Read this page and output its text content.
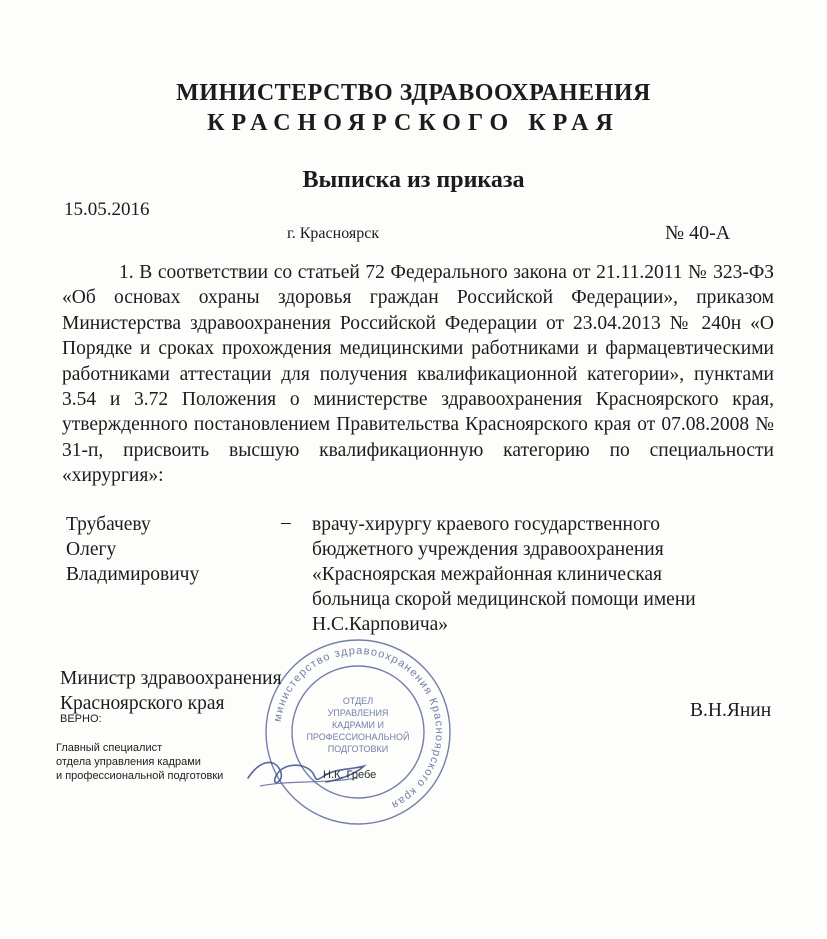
МИНИСТЕРСТВО ЗДРАВООХРАНЕНИЯ
КРАСНОЯРСКОГО КРАЯ
Выписка из приказа
15.05.2016
г. Красноярск	№ 40-А

1. В соответствии со статьей 72 Федерального закона от 21.11.2011 № 323-ФЗ «Об основах охраны здоровья граждан Российской Федерации», приказом Министерства здравоохранения Российской Федерации от 23.04.2013 № 240н «О Порядке и сроках прохождения медицинскими работниками и фармацевтическими работниками аттестации для получения квалификационной категории», пунктами 3.54 и 3.72 Положения о министерстве здравоохранения Красноярского края, утвержденного постановлением Правительства Красноярского края от 07.08.2008 № 31-п, присвоить высшую квалификационную категорию по специальности «хирургия»:

Трубачеву
Олегу
Владимировичу
– врачу-хирургу краевого государственного
бюджетного учреждения здравоохранения
«Красноярская межрайонная клиническая
больница скорой медицинской помощи имени
Н.С.Карповича»
министерство здравоохранения Красноярского края
ОТДЕЛ
УПРАВЛЕНИЯ
КАДРАМИ И
ПРОФЕССИОНАЛЬНОЙ
ПОДГОТОВКИ
Министр здравоохранения
Красноярского края
ВЕРНО:	В.Н.Янин
Главный специалист
отдела управления кадрами
и профессиональной подготовки	Н.К. Гребе
